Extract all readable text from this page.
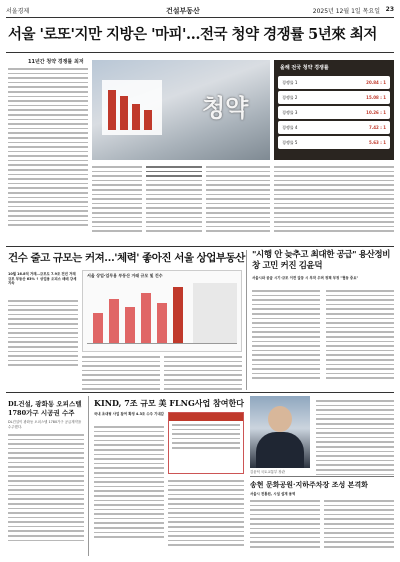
서울경제	건설부동산	2025년 12월 1일 목요일 23
서울 '로또'지만 지방은 '마피'…전국 청약 경쟁률 5년來 최저
11년간 청약 경쟁률 최저
청약
올해 전국 청약 경쟁률
경쟁률 1	20.84 : 1
경쟁률 2	15.08 : 1
경쟁률 3	10.26 : 1
경쟁률 4	7.42 : 1
경쟁률 5	5.63 : 1
건수 줄고 규모는 커져…'체력' 좋아진 서울 상업부동산
10월 16.8억 거래…규모도 7.9조 전년 거래 규모 부동산 63% ↑ 상업용 오피스 매매 강세 지속
서울 상업·업무용 부동산 거래 규모 및 건수
"시행 안 늦추고 최대한 공급" 용산정비창 고민 커진 김윤덕
서울시와 공급 시기·규모 이견 갈등 시 부작 우려 정책 부정 "협동 중요"
DL건설, 광화동 오피스텔 1780가구 시공권 수주
DL건설이 광화동 오피스텔 1780가구 공급계약을 수주했다.
KIND, 7조 규모 美 FLNG사업 참여한다
국내 초대형 사업 참여 확정 4.3조 수주 기대감
김윤덕 국토교통부 장관
송현 문화공원·지하주차장 조성 본격화
서울시 전통원, 시설 설계 용역
